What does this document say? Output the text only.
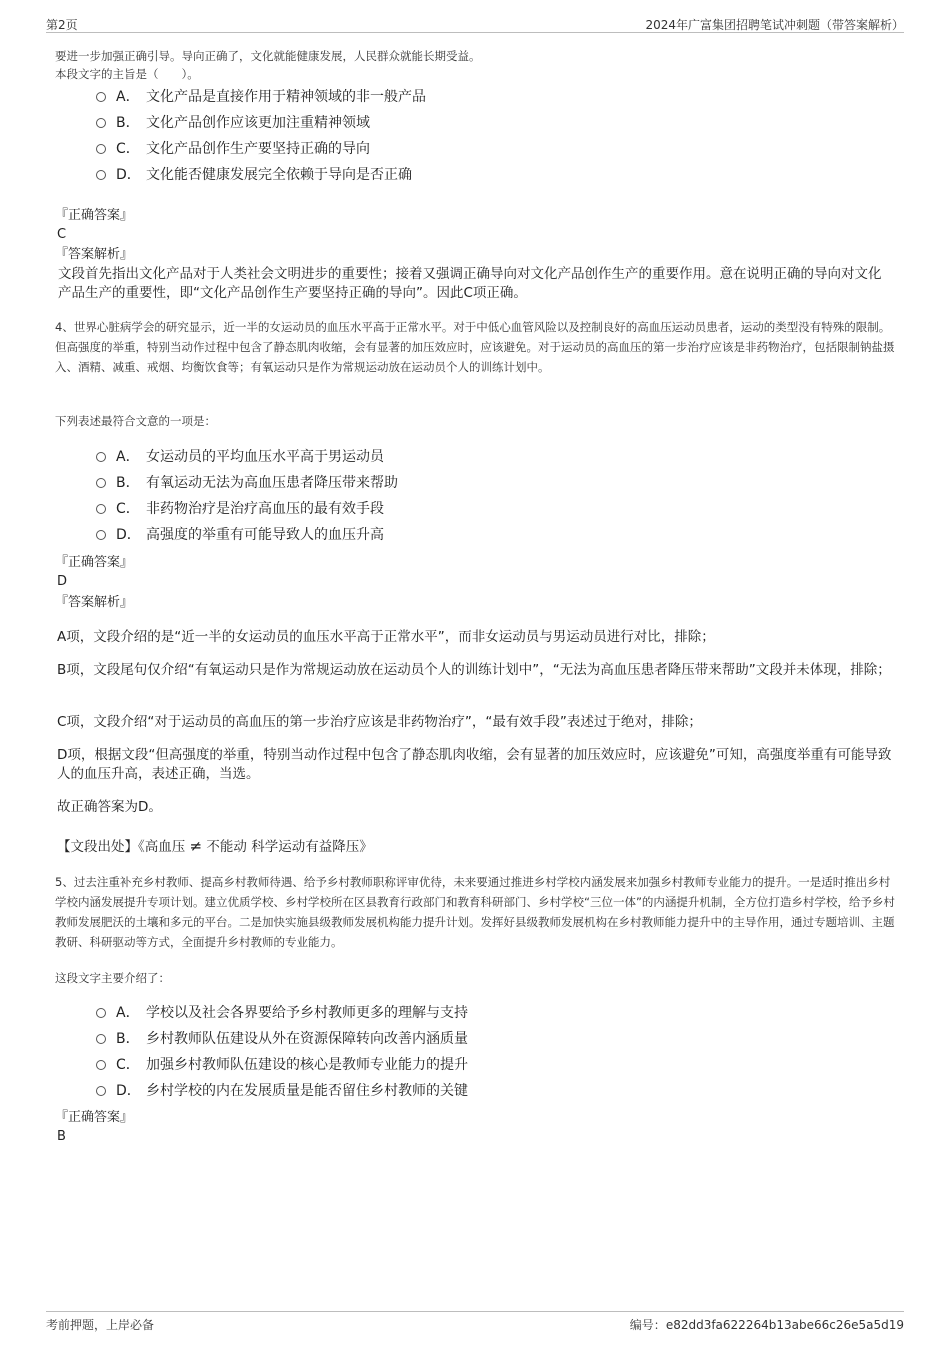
第2页	2024年广富集团招聘笔试冲刺题（带答案解析）
要进一步加强正确引导。导向正确了，文化就能健康发展，人民群众就能长期受益。
本段文字的主旨是（　　）。
A． 文化产品是直接作用于精神领域的非一般产品
B． 文化产品创作应该更加注重精神领域
C． 文化产品创作生产要坚持正确的导向
D． 文化能否健康发展完全依赖于导向是否正确
『正确答案』
C
『答案解析』
文段首先指出文化产品对于人类社会文明进步的重要性；接着又强调正确导向对文化产品创作生产的重要作用。意在说明正确的导向对文化产品生产的重要性，即“文化产品创作生产要坚持正确的导向”。因此C项正确。
4、世界心脏病学会的研究显示，近一半的女运动员的血压水平高于正常水平。对于中低心血管风险以及控制良好的高血压运动员患者，运动的类型没有特殊的限制。但高强度的举重，特别当动作过程中包含了静态肌肉收缩，会有显著的加压效应时，应该避免。对于运动员的高血压的第一步治疗应该是非药物治疗，包括限制钠盐摄入、酒精、减重、戒烟、均衡饮食等；有氧运动只是作为常规运动放在运动员个人的训练计划中。
下列表述最符合文意的一项是：
A． 女运动员的平均血压水平高于男运动员
B． 有氧运动无法为高血压患者降压带来帮助
C． 非药物治疗是治疗高血压的最有效手段
D． 高强度的举重有可能导致人的血压升高
『正确答案』
D
『答案解析』
A项，文段介绍的是“近一半的女运动员的血压水平高于正常水平”，而非女运动员与男运动员进行对比，排除；
B项，文段尾句仅介绍“有氧运动只是作为常规运动放在运动员个人的训练计划中”，“无法为高血压患者降压带来帮助”文段并未体现，排除；
C项，文段介绍“对于运动员的高血压的第一步治疗应该是非药物治疗”，“最有效手段”表述过于绝对，排除；
D项，根据文段“但高强度的举重，特别当动作过程中包含了静态肌肉收缩，会有显著的加压效应时，应该避免”可知，高强度举重有可能导致人的血压升高，表述正确，当选。
故正确答案为D。
【文段出处】《高血压 ≠ 不能动 科学运动有益降压》
5、过去注重补充乡村教师、提高乡村教师待遇、给予乡村教师职称评审优待，未来要通过推进乡村学校内涵发展来加强乡村教师专业能力的提升。一是适时推出乡村学校内涵发展提升专项计划。建立优质学校、乡村学校所在区县教育行政部门和教育科研部门、乡村学校“三位一体”的内涵提升机制，全方位打造乡村学校，给予乡村教师发展肥沃的土壤和多元的平台。二是加快实施县级教师发展机构能力提升计划。发挥好县级教师发展机构在乡村教师能力提升中的主导作用，通过专题培训、主题教研、科研驱动等方式，全面提升乡村教师的专业能力。
这段文字主要介绍了：
A． 学校以及社会各界要给予乡村教师更多的理解与支持
B． 乡村教师队伍建设从外在资源保障转向改善内涵质量
C． 加强乡村教师队伍建设的核心是教师专业能力的提升
D． 乡村学校的内在发展质量是能否留住乡村教师的关键
『正确答案』
B
考前押题，上岸必备	编号：e82dd3fa622264b13abe66c26e5a5d19
